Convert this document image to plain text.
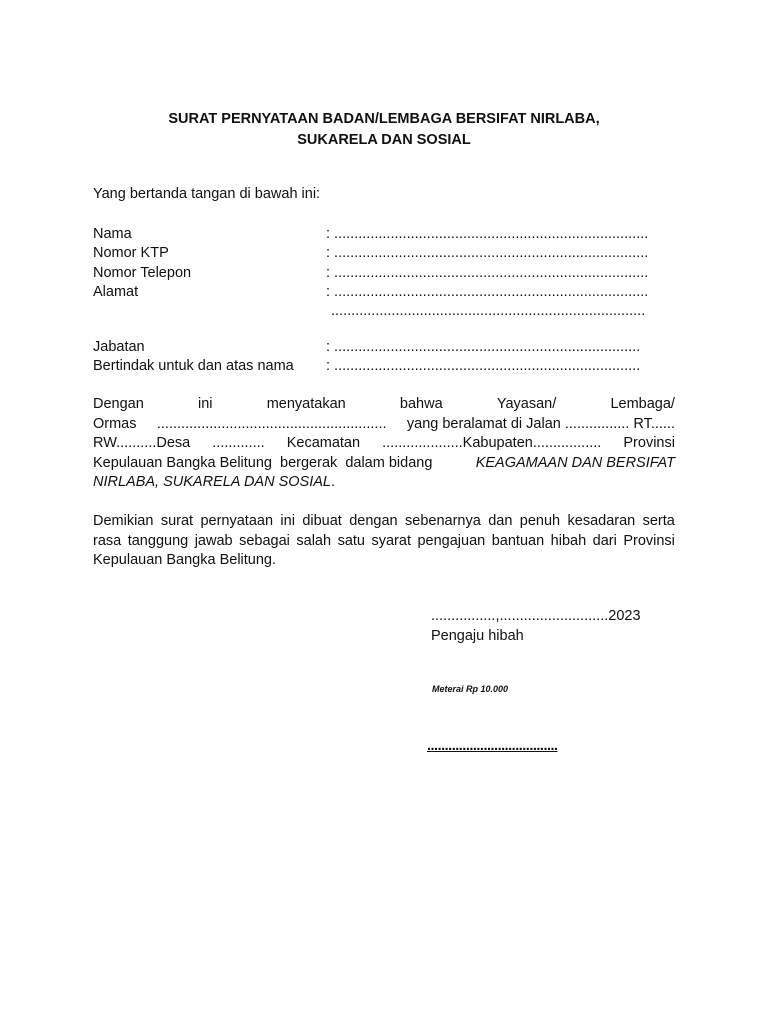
SURAT PERNYATAAN BADAN/LEMBAGA BERSIFAT NIRLABA,
SUKARELA DAN SOSIAL
Yang bertanda tangan di bawah ini:
Nama	: ..............................................................................
Nomor KTP	: ..............................................................................
Nomor Telepon	: ..............................................................................
Alamat	: ..............................................................................
..............................................................................
Jabatan	: ............................................................................
Bertindak untuk dan atas nama : ............................................................................
Dengan	ini	menyatakan	bahwa	Yayasan/	Lembaga/
Ormas ......................................................... yang beralamat di Jalan ................ RT......
RW..........Desa ............. Kecamatan ....................Kabupaten................. Provinsi
Kepulauan Bangka Belitung  bergerak  dalam bidang	KEAGAMAAN DAN BERSIFAT
NIRLABA, SUKARELA DAN SOSIAL .
Demikian surat pernyataan ini dibuat dengan sebenarnya dan penuh kesadaran serta
rasa tanggung jawab sebagai salah satu syarat pengajuan bantuan hibah dari Provinsi
Kepulauan Bangka Belitung.
................,...........................2023
Pengaju hibah
Meterai Rp 10.000
.....................................
